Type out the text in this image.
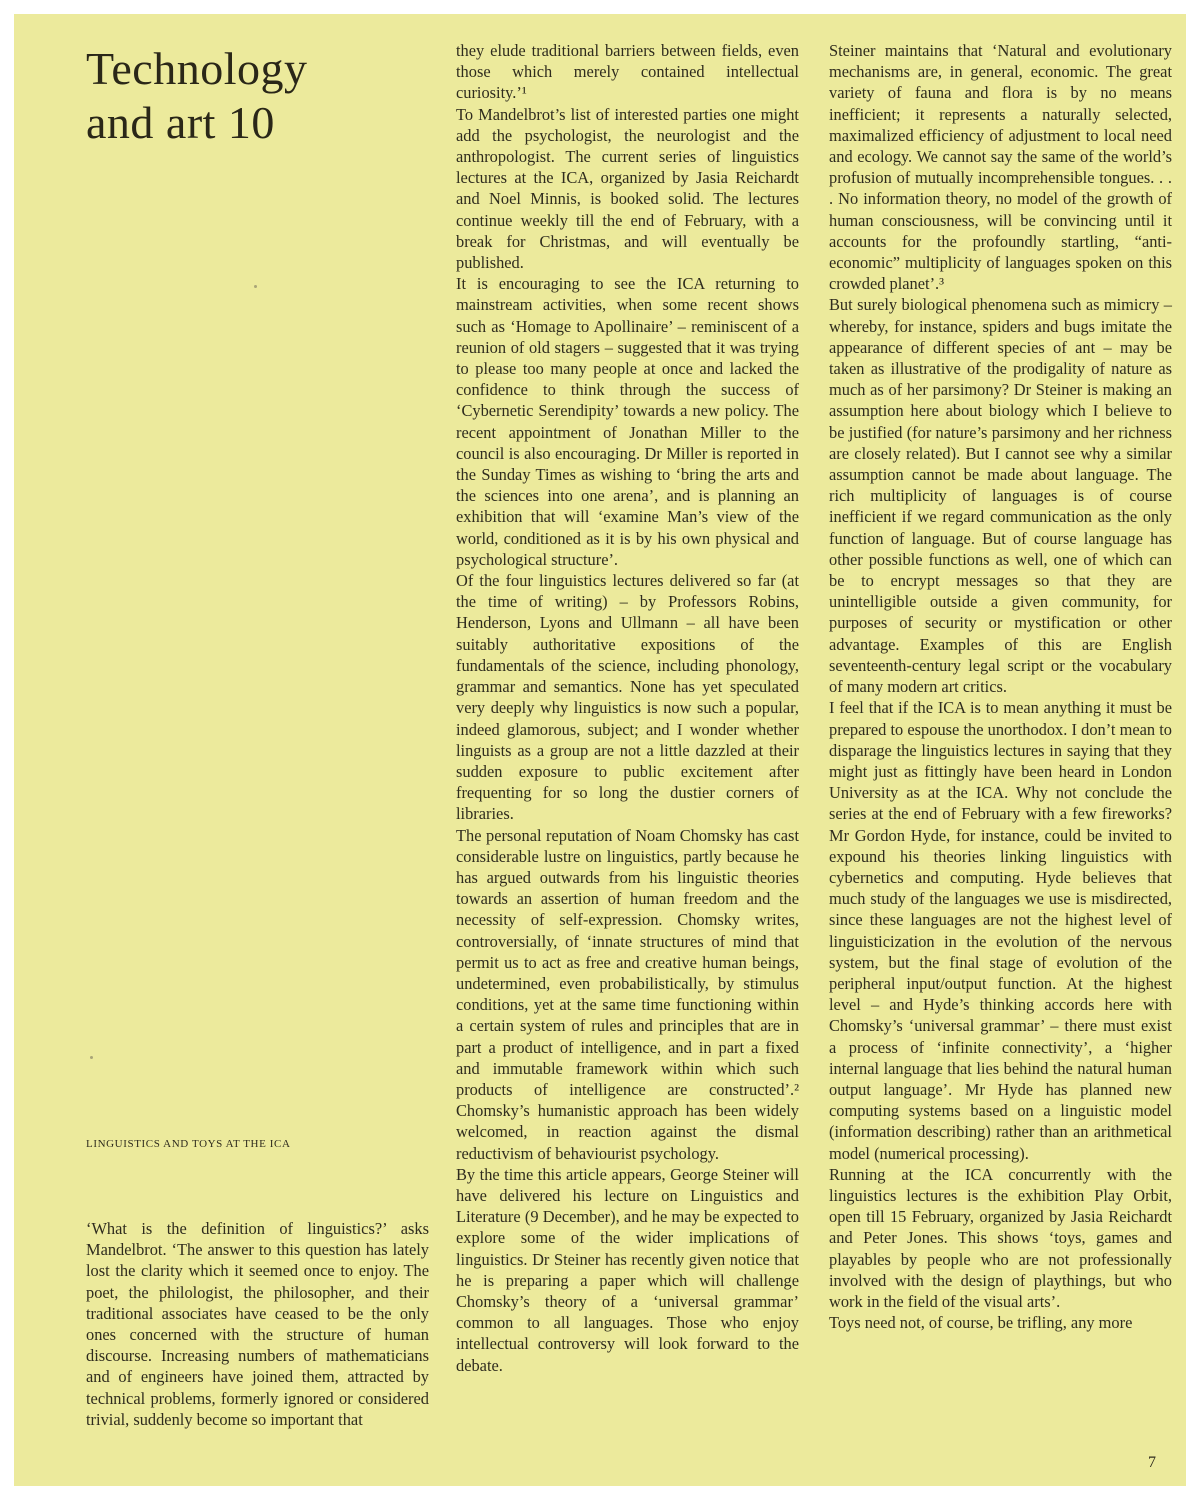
Technology
and art 10
LINGUISTICS AND TOYS AT THE ICA

‘What is the definition of linguistics?’ asks Mandelbrot. ‘The answer to this question has lately lost the clarity which it seemed once to enjoy. The poet, the philologist, the philosopher, and their traditional associates have ceased to be the only ones concerned with the structure of human discourse. Increasing numbers of mathematicians and of engineers have joined them, attracted by technical problems, formerly ignored or considered trivial, suddenly become so important that

they elude traditional barriers between fields, even those which merely contained intellectual curiosity.’¹

To Mandelbrot’s list of interested parties one might add the psychologist, the neurologist and the anthropologist. The current series of linguistics lectures at the ICA, organized by Jasia Reichardt and Noel Minnis, is booked solid. The lectures continue weekly till the end of February, with a break for Christmas, and will eventually be published.

It is encouraging to see the ICA returning to mainstream activities, when some recent shows such as ‘Homage to Apollinaire’ – reminiscent of a reunion of old stagers – suggested that it was trying to please too many people at once and lacked the confidence to think through the success of ‘Cybernetic Serendipity’ towards a new policy. The recent appointment of Jonathan Miller to the council is also encouraging. Dr Miller is reported in the Sunday Times as wishing to ‘bring the arts and the sciences into one arena’, and is planning an exhibition that will ‘examine Man’s view of the world, conditioned as it is by his own physical and psychological structure’.

Of the four linguistics lectures delivered so far (at the time of writing) – by Professors Robins, Henderson, Lyons and Ullmann – all have been suitably authoritative expositions of the fundamentals of the science, including phonology, grammar and semantics. None has yet speculated very deeply why linguistics is now such a popular, indeed glamorous, subject; and I wonder whether linguists as a group are not a little dazzled at their sudden exposure to public excitement after frequenting for so long the dustier corners of libraries.

The personal reputation of Noam Chomsky has cast considerable lustre on linguistics, partly because he has argued outwards from his linguistic theories towards an assertion of human freedom and the necessity of self-expression. Chomsky writes, controversially, of ‘innate structures of mind that permit us to act as free and creative human beings, undetermined, even probabilistically, by stimulus conditions, yet at the same time functioning within a certain system of rules and principles that are in part a product of intelligence, and in part a fixed and immutable framework within which such products of intelligence are constructed’.² Chomsky’s humanistic approach has been widely welcomed, in reaction against the dismal reductivism of behaviourist psychology.

By the time this article appears, George Steiner will have delivered his lecture on Linguistics and Literature (9 December), and he may be expected to explore some of the wider implications of linguistics. Dr Steiner has recently given notice that he is preparing a paper which will challenge Chomsky’s theory of a ‘universal grammar’ common to all languages. Those who enjoy intellectual controversy will look forward to the debate.

Steiner maintains that ‘Natural and evolutionary mechanisms are, in general, economic. The great variety of fauna and flora is by no means inefficient; it represents a naturally selected, maximalized efficiency of adjustment to local need and ecology. We cannot say the same of the world’s profusion of mutually incomprehensible tongues. . . . No information theory, no model of the growth of human consciousness, will be convincing until it accounts for the profoundly startling, “anti-economic” multiplicity of languages spoken on this crowded planet’.³

But surely biological phenomena such as mimicry – whereby, for instance, spiders and bugs imitate the appearance of different species of ant – may be taken as illustrative of the prodigality of nature as much as of her parsimony? Dr Steiner is making an assumption here about biology which I believe to be justified (for nature’s parsimony and her richness are closely related). But I cannot see why a similar assumption cannot be made about language. The rich multiplicity of languages is of course inefficient if we regard communication as the only function of language. But of course language has other possible functions as well, one of which can be to encrypt messages so that they are unintelligible outside a given community, for purposes of security or mystification or other advantage. Examples of this are English seventeenth-century legal script or the vocabulary of many modern art critics.

I feel that if the ICA is to mean anything it must be prepared to espouse the unorthodox. I don’t mean to disparage the linguistics lectures in saying that they might just as fittingly have been heard in London University as at the ICA. Why not conclude the series at the end of February with a few fireworks? Mr Gordon Hyde, for instance, could be invited to expound his theories linking linguistics with cybernetics and computing. Hyde believes that much study of the languages we use is misdirected, since these languages are not the highest level of linguisticization in the evolution of the nervous system, but the final stage of evolution of the peripheral input/output function. At the highest level – and Hyde’s thinking accords here with Chomsky’s ‘universal grammar’ – there must exist a process of ‘infinite connectivity’, a ‘higher internal language that lies behind the natural human output language’. Mr Hyde has planned new computing systems based on a linguistic model (information describing) rather than an arithmetical model (numerical processing).

Running at the ICA concurrently with the linguistics lectures is the exhibition Play Orbit, open till 15 February, organized by Jasia Reichardt and Peter Jones. This shows ‘toys, games and playables by people who are not professionally involved with the design of playthings, but who work in the field of the visual arts’.

Toys need not, of course, be trifling, any more

7
